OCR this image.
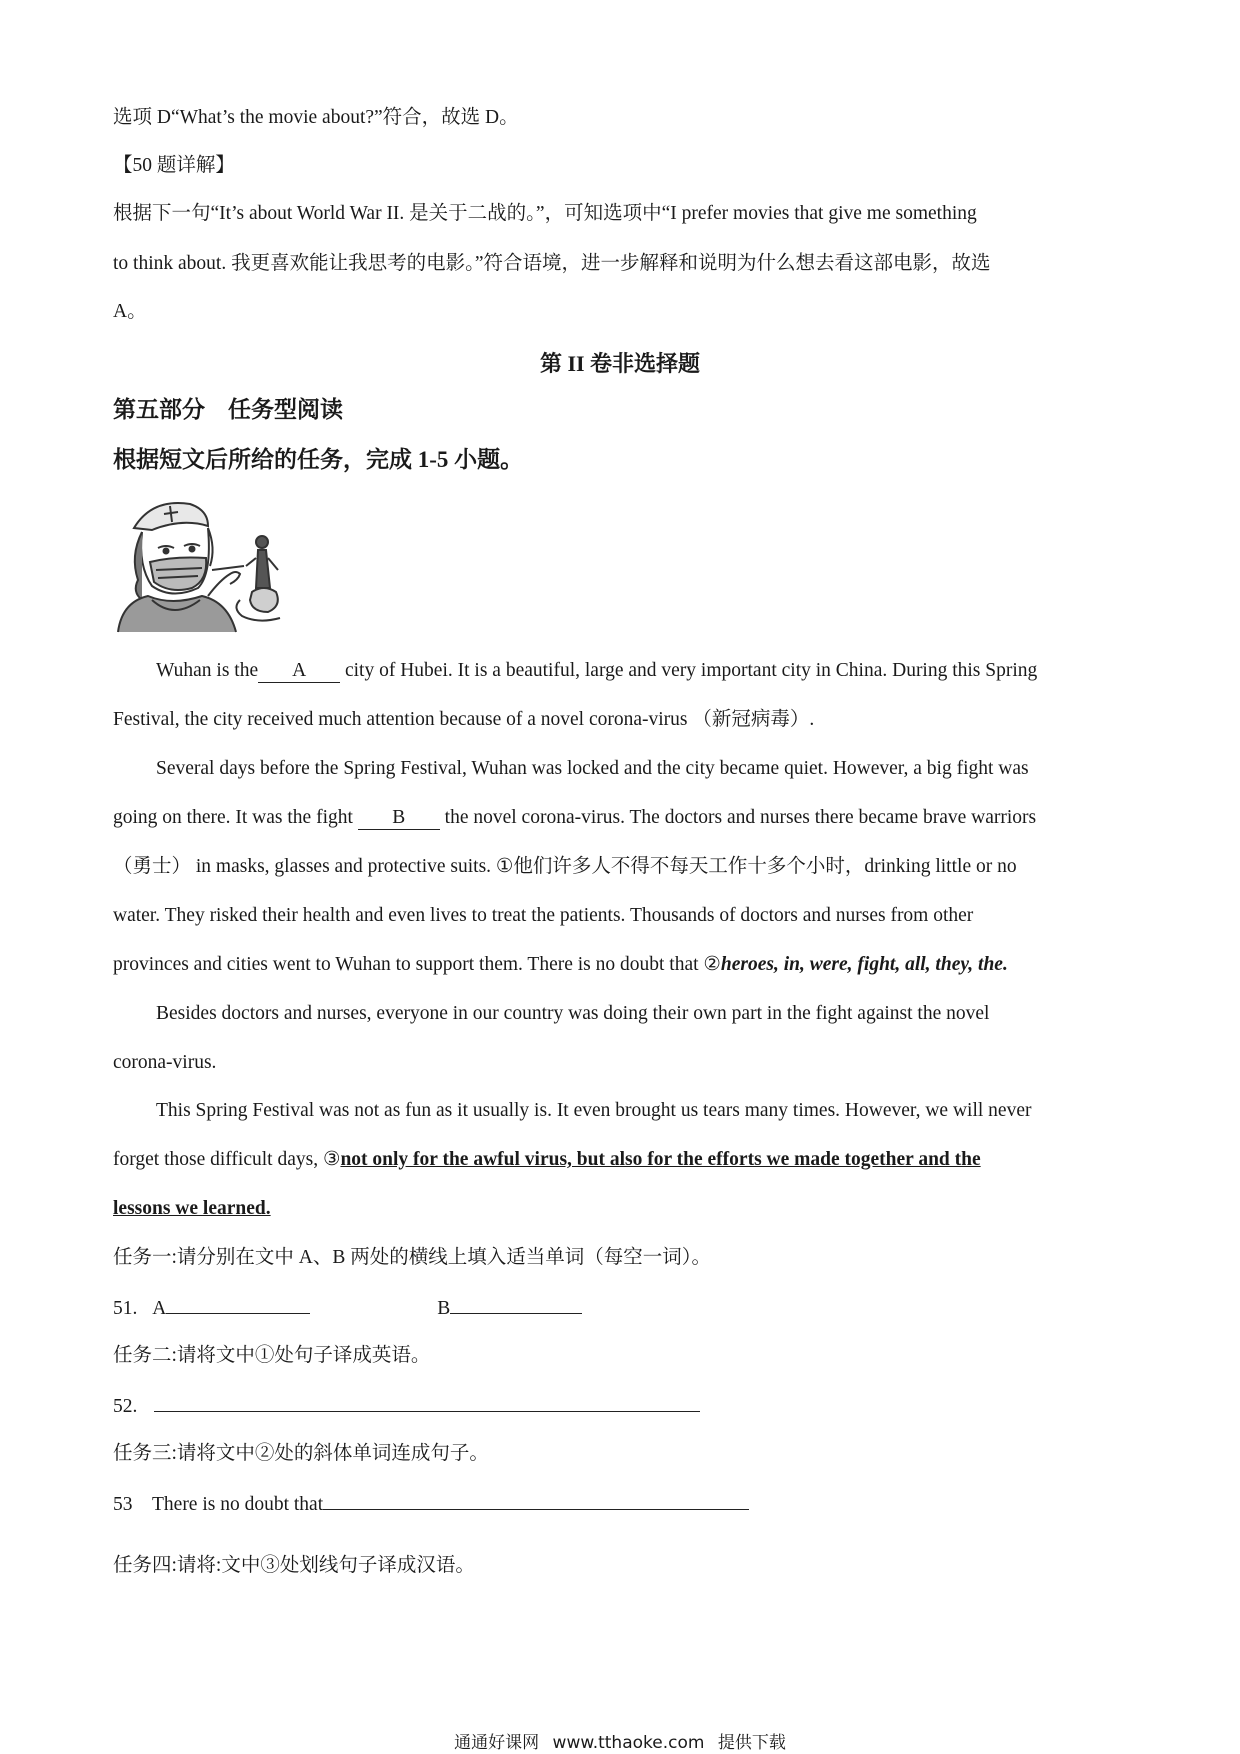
选项 D“What’s the movie about?”符合，故选 D。
【50 题详解】
根据下一句“It’s about World War II. 是关于二战的。”，可知选项中“I prefer movies that give me something
to think about. 我更喜欢能让我思考的电影。”符合语境，进一步解释和说明为什么想去看这部电影，故选
A。
第 II 卷非选择题
第五部分　任务型阅读
根据短文后所给的任务，完成 1-5 小题。
Wuhan is the A city of Hubei. It is a beautiful, large and very important city in China. During this Spring
Festival, the city received much attention because of a novel corona-virus （新冠病毒）.
Several days before the Spring Festival, Wuhan was locked and the city became quiet. However, a big fight was
going on there. It was the fight B the novel corona-virus. The doctors and nurses there became brave warriors
（勇士） in masks, glasses and protective suits. ①他们许多人不得不每天工作十多个小时，drinking little or no
water. They risked their health and even lives to treat the patients. Thousands of doctors and nurses from other
provinces and cities went to Wuhan to support them. There is no doubt that ②heroes, in, were, fight, all, they, the.
Besides doctors and nurses, everyone in our country was doing their own part in the fight against the novel
corona-virus.
This Spring Festival was not as fun as it usually is. It even brought us tears many times. However, we will never
forget those difficult days, ③not only for the awful virus, but also for the efforts we made together and the
lessons we learned.
任务一:请分别在文中 A、B 两处的横线上填入适当单词（每空一词）。
51. A	B
任务二:请将文中①处句子译成英语。
52.
任务三:请将文中②处的斜体单词连成句子。
53　There is no doubt that
任务四:请将:文中③处划线句子译成汉语。
通通好课网 www.tthaoke.com 提供下载
